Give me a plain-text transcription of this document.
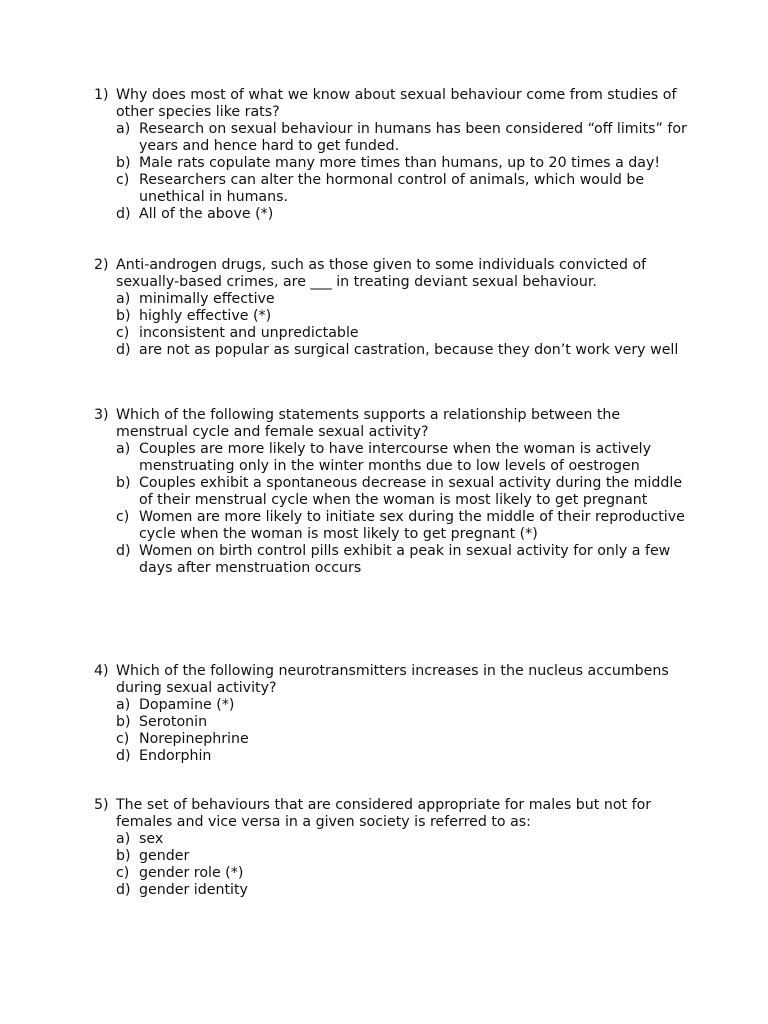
1) Why does most of what we know about sexual behaviour come from studies of other species like rats?
a) Research on sexual behaviour in humans has been considered “off limits” for years and hence hard to get funded.
b) Male rats copulate many more times than humans, up to 20 times a day!
c) Researchers can alter the hormonal control of animals, which would be unethical in humans.
d) All of the above (*)
2) Anti-androgen drugs, such as those given to some individuals convicted of sexually-based crimes, are ___ in treating deviant sexual behaviour.
a) minimally effective
b) highly effective (*)
c) inconsistent and unpredictable
d) are not as popular as surgical castration, because they don’t work very well
3) Which of the following statements supports a relationship between the menstrual cycle and female sexual activity?
a) Couples are more likely to have intercourse when the woman is actively menstruating only in the winter months due to low levels of oestrogen
b) Couples exhibit a spontaneous decrease in sexual activity during the middle of their menstrual cycle when the woman is most likely to get pregnant
c) Women are more likely to initiate sex during the middle of their reproductive cycle when the woman is most likely to get pregnant (*)
d) Women on birth control pills exhibit a peak in sexual activity for only a few days after menstruation occurs
4) Which of the following neurotransmitters increases in the nucleus accumbens during sexual activity?
a) Dopamine (*)
b) Serotonin
c) Norepinephrine
d) Endorphin
5) The set of behaviours that are considered appropriate for males but not for females and vice versa in a given society is referred to as:
a) sex
b) gender
c) gender role (*)
d) gender identity
